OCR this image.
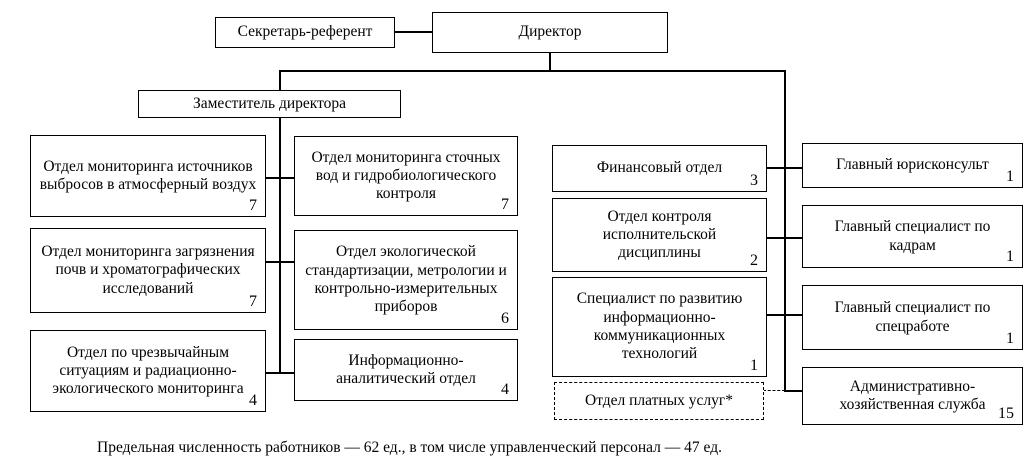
Секретарь-референт	Директор
Заместитель директора
Отдел мониторинга источников выбросов в атмосферный воздух
7
Отдел мониторинга загрязнения почв и хроматографических исследований
7
Отдел по чрезвычайным ситуациям и радиационно-экологического мониторинга
4
Отдел мониторинга сточных вод и гидробиологического контроля
7
Отдел экологической стандартизации, метрологии и контрольно-измерительных приборов
6
Информационно-аналитический отдел
4
Финансовый отдел
3
Отдел контроля исполнительской дисциплины	2
Специалист по развитию информационно-коммуникационных технологий
1
Отдел платных услуг*
Главный юрисконсульт
1
Главный специалист по кадрам
1
Главный специалист по спецработе
1
Административно-хозяйственная служба
15
Предельная численность работников — 62 ед., в том числе управленческий персонал — 47 ед.
